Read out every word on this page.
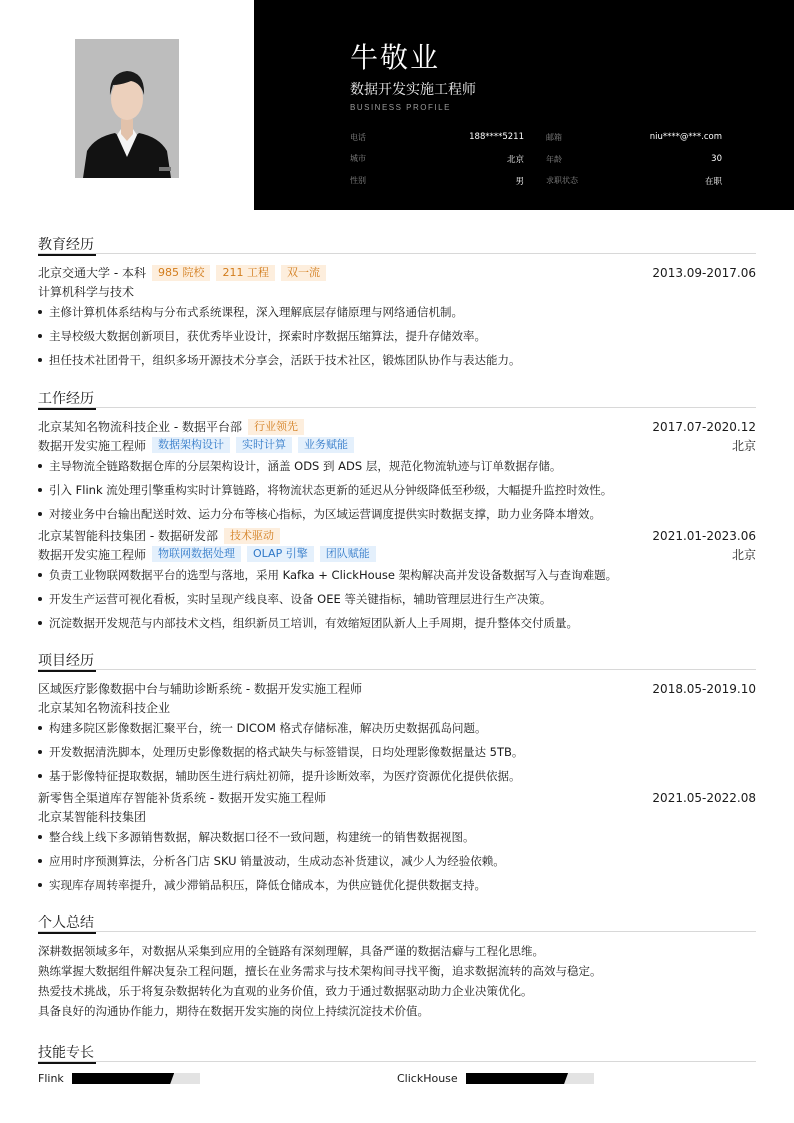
牛敬业
数据开发实施工程师
BUSINESS PROFILE
电话	188****5211	邮箱	niu****@***.com
城市	北京	年龄	30
性别	男	求职状态	在职
教育经历
北京交通大学 - 本科	985 院校	211 工程	双一流	2013.09-2017.06
计算机科学与技术
主修计算机体系结构与分布式系统课程，深入理解底层存储原理与网络通信机制。
主导校级大数据创新项目，获优秀毕业设计，探索时序数据压缩算法，提升存储效率。
担任技术社团骨干，组织多场开源技术分享会，活跃于技术社区，锻炼团队协作与表达能力。
工作经历
北京某知名物流科技企业 - 数据平台部	行业领先	2017.07-2020.12
数据开发实施工程师	数据架构设计	实时计算	业务赋能	北京
主导物流全链路数据仓库的分层架构设计，涵盖 ODS 到 ADS 层，规范化物流轨迹与订单数据存储。
引入 Flink 流处理引擎重构实时计算链路，将物流状态更新的延迟从分钟级降低至秒级，大幅提升监控时效性。
对接业务中台输出配送时效、运力分布等核心指标，为区域运营调度提供实时数据支撑，助力业务降本增效。
北京某智能科技集团 - 数据研发部	技术驱动	2021.01-2023.06
数据开发实施工程师	物联网数据处理	OLAP 引擎	团队赋能	北京
负责工业物联网数据平台的选型与落地，采用 Kafka + ClickHouse 架构解决高并发设备数据写入与查询难题。
开发生产运营可视化看板，实时呈现产线良率、设备 OEE 等关键指标，辅助管理层进行生产决策。
沉淀数据开发规范与内部技术文档，组织新员工培训，有效缩短团队新人上手周期，提升整体交付质量。
项目经历
区域医疗影像数据中台与辅助诊断系统 - 数据开发实施工程师	2018.05-2019.10
北京某知名物流科技企业
构建多院区影像数据汇聚平台，统一 DICOM 格式存储标准，解决历史数据孤岛问题。
开发数据清洗脚本，处理历史影像数据的格式缺失与标签错误，日均处理影像数据量达 5TB。
基于影像特征提取数据，辅助医生进行病灶初筛，提升诊断效率，为医疗资源优化提供依据。
新零售全渠道库存智能补货系统 - 数据开发实施工程师	2021.05-2022.08
北京某智能科技集团
整合线上线下多源销售数据，解决数据口径不一致问题，构建统一的销售数据视图。
应用时序预测算法，分析各门店 SKU 销量波动，生成动态补货建议，减少人为经验依赖。
实现库存周转率提升，减少滞销品积压，降低仓储成本，为供应链优化提供数据支持。
个人总结

深耕数据领域多年，对数据从采集到应用的全链路有深刻理解，具备严谨的数据洁癖与工程化思维。

熟练掌握大数据组件解决复杂工程问题，擅长在业务需求与技术架构间寻找平衡，追求数据流转的高效与稳定。

热爱技术挑战，乐于将复杂数据转化为直观的业务价值，致力于通过数据驱动助力企业决策优化。

具备良好的沟通协作能力，期待在数据开发实施的岗位上持续沉淀技术价值。

技能专长
Flink	ClickHouse
